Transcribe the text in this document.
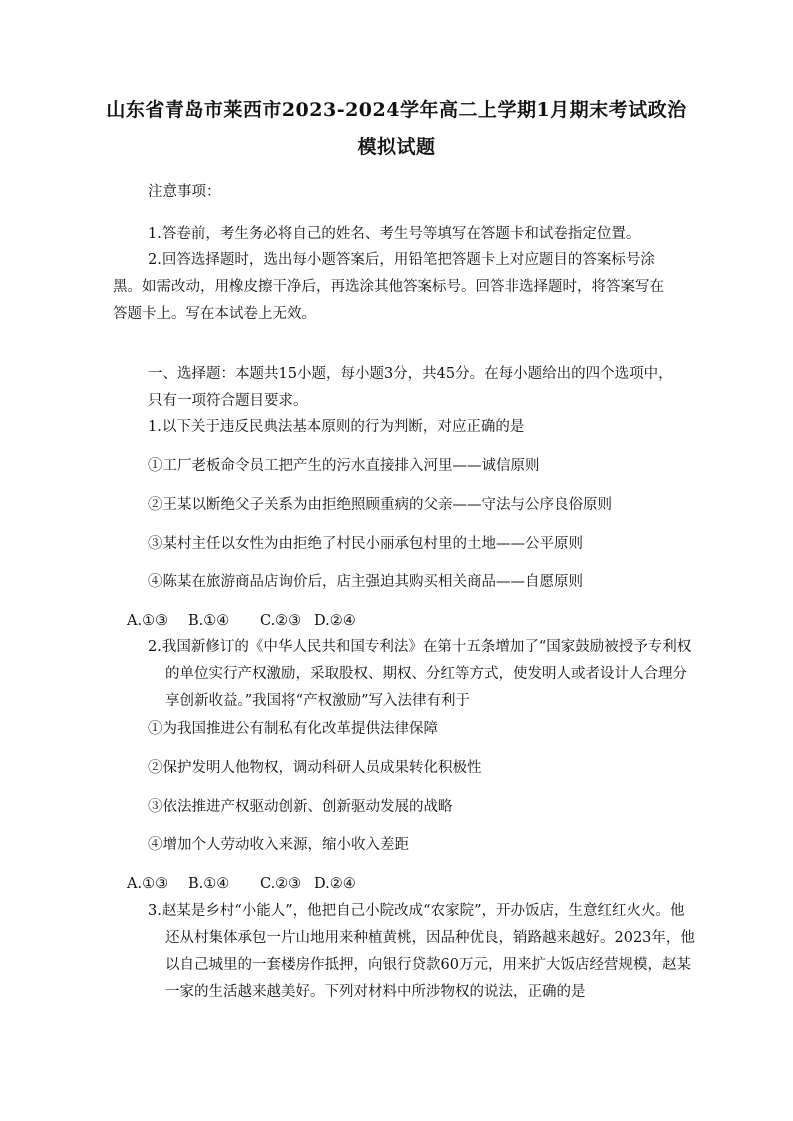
山东省青岛市莱西市2023-2024学年高二上学期1月期末考试政治
模拟试题
注意事项：
1.答卷前，考生务必将自己的姓名、考生号等填写在答题卡和试卷指定位置。
2.回答选择题时，选出每小题答案后，用铅笔把答题卡上对应题目的答案标号涂
黑。如需改动，用橡皮擦干净后，再选涂其他答案标号。回答非选择题时，将答案写在
答题卡上。写在本试卷上无效。
一、选择题：本题共15小题，每小题3分，共45分。在每小题给出的四个选项中，
只有一项符合题目要求。
1.以下关于违反民典法基本原则的行为判断，对应正确的是
①工厂老板命令员工把产生的污水直接排入河里——诚信原则
②王某以断绝父子关系为由拒绝照顾重病的父亲——守法与公序良俗原则
③某村主任以女性为由拒绝了村民小丽承包村里的土地——公平原则
④陈某在旅游商品店询价后，店主强迫其购买相关商品——自愿原则
A.①③ B.①④ C.②③ D.②④
2.我国新修订的《中华人民共和国专利法》在第十五条增加了“国家鼓励被授予专利权
的单位实行产权激励，采取股权、期权、分红等方式，使发明人或者设计人合理分
享创新收益。”我国将“产权激励”写入法律有利于
①为我国推进公有制私有化改革提供法律保障
②保护发明人他物权，调动科研人员成果转化积极性
③依法推进产权驱动创新、创新驱动发展的战略
④增加个人劳动收入来源，缩小收入差距
A.①③ B.①④ C.②③ D.②④
3.赵某是乡村“小能人”，他把自己小院改成“农家院”，开办饭店，生意红红火火。他
还从村集体承包一片山地用来种植黄桃，因品种优良，销路越来越好。2023年，他
以自己城里的一套楼房作抵押，向银行贷款60万元，用来扩大饭店经营规模，赵某
一家的生活越来越美好。下列对材料中所涉物权的说法，正确的是
